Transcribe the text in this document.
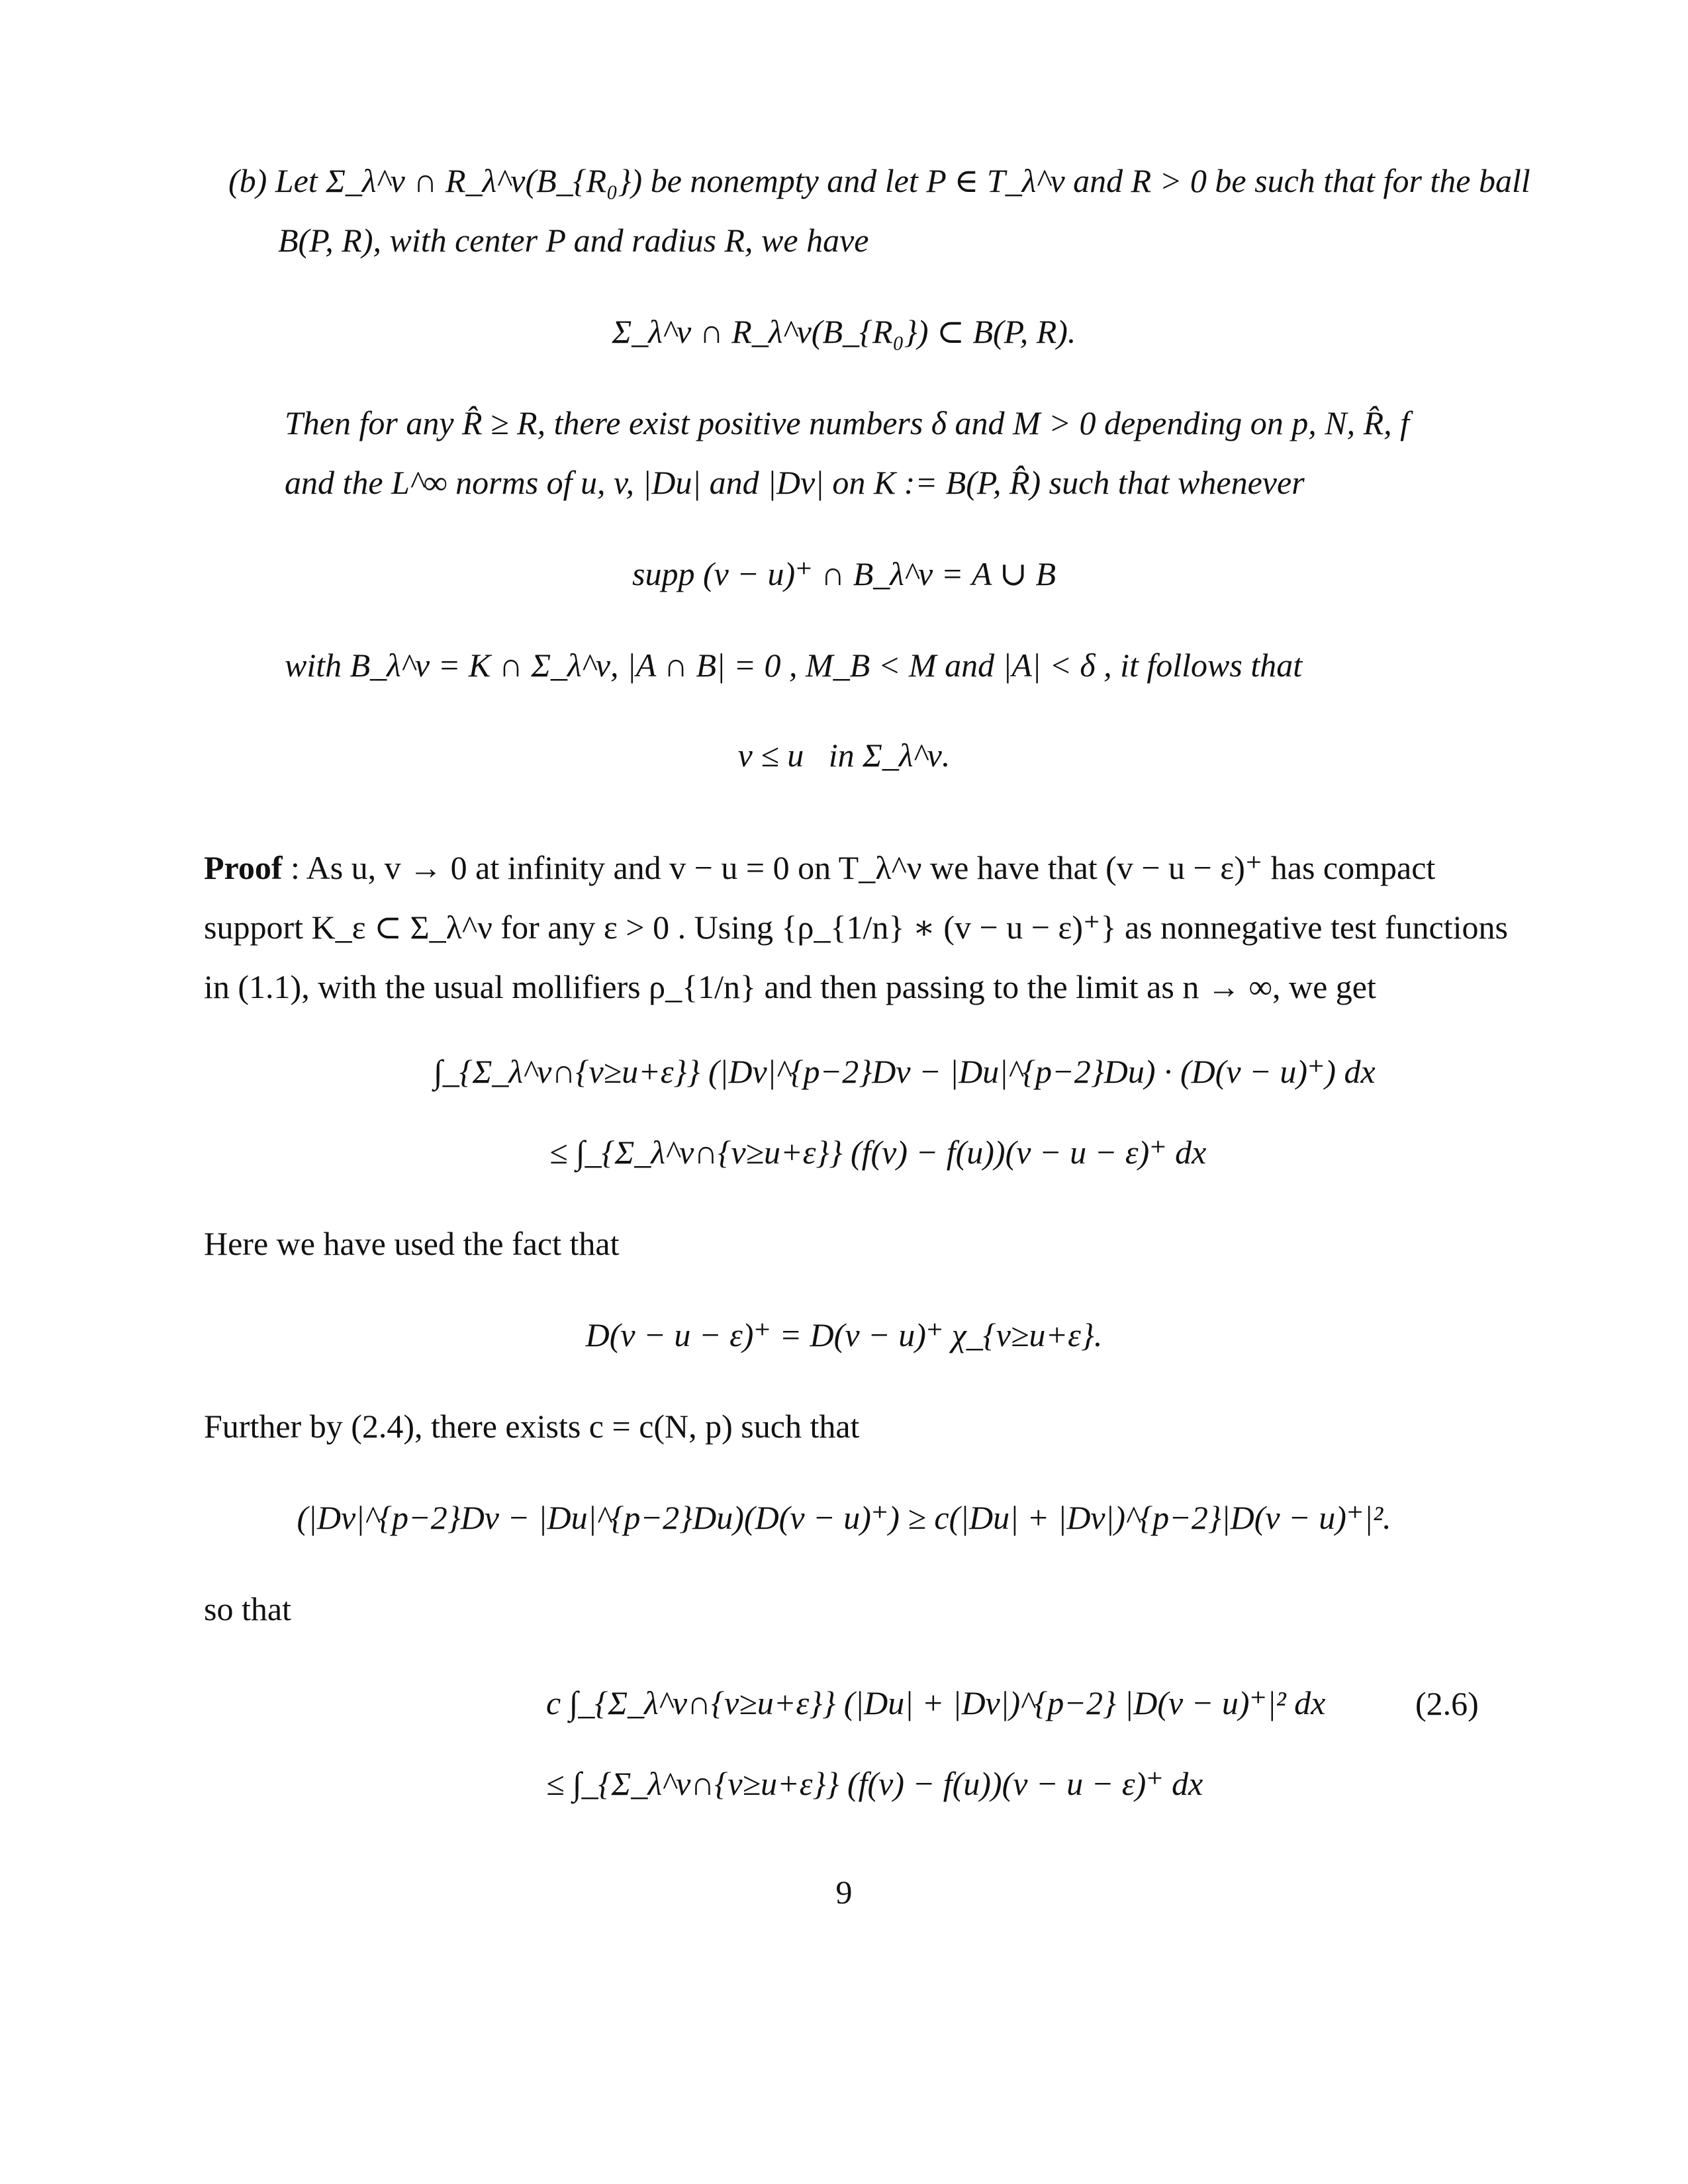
(b) Let Σ_λ^ν ∩ R_λ^ν(B_{R₀}) be nonempty and let P ∈ T_λ^ν and R > 0 be such that for the ball
B(P, R), with center P and radius R, we have
Σ_λ^ν ∩ R_λ^ν(B_{R₀}) ⊂ B(P, R).
Then for any R̂ ≥ R, there exist positive numbers δ and M > 0 depending on p, N, R̂, f
and the L^∞ norms of u, v, |Du| and |Dv| on K := B(P, R̂) such that whenever
supp (v − u)⁺ ∩ B_λ^ν = A ∪ B
with B_λ^ν = K ∩ Σ_λ^ν, |A ∩ B| = 0 , M_B < M and |A| < δ , it follows that
v ≤ u   in Σ_λ^ν.
Proof : As u, v → 0 at infinity and v − u = 0 on T_λ^ν we have that (v − u − ε)⁺ has compact
support K_ε ⊂ Σ_λ^ν for any ε > 0 . Using {ρ_{1/n} ∗ (v − u − ε)⁺} as nonnegative test functions
in (1.1), with the usual mollifiers ρ_{1/n} and then passing to the limit as n → ∞, we get
∫_{Σ_λ^ν∩{v≥u+ε}} (|Dv|^{p−2}Dv − |Du|^{p−2}Du) · (D(v − u)⁺) dx
≤ ∫_{Σ_λ^ν∩{v≥u+ε}} (f(v) − f(u))(v − u − ε)⁺ dx
Here we have used the fact that
D(v − u − ε)⁺ = D(v − u)⁺ χ_{v≥u+ε}.
Further by (2.4), there exists c = c(N, p) such that
(|Dv|^{p−2}Dv − |Du|^{p−2}Du)(D(v − u)⁺) ≥ c(|Du| + |Dv|)^{p−2}|D(v − u)⁺|².
so that
c ∫_{Σ_λ^ν∩{v≥u+ε}} (|Du| + |Dv|)^{p−2} |D(v − u)⁺|² dx	(2.6)
≤ ∫_{Σ_λ^ν∩{v≥u+ε}} (f(v) − f(u))(v − u − ε)⁺ dx
9
